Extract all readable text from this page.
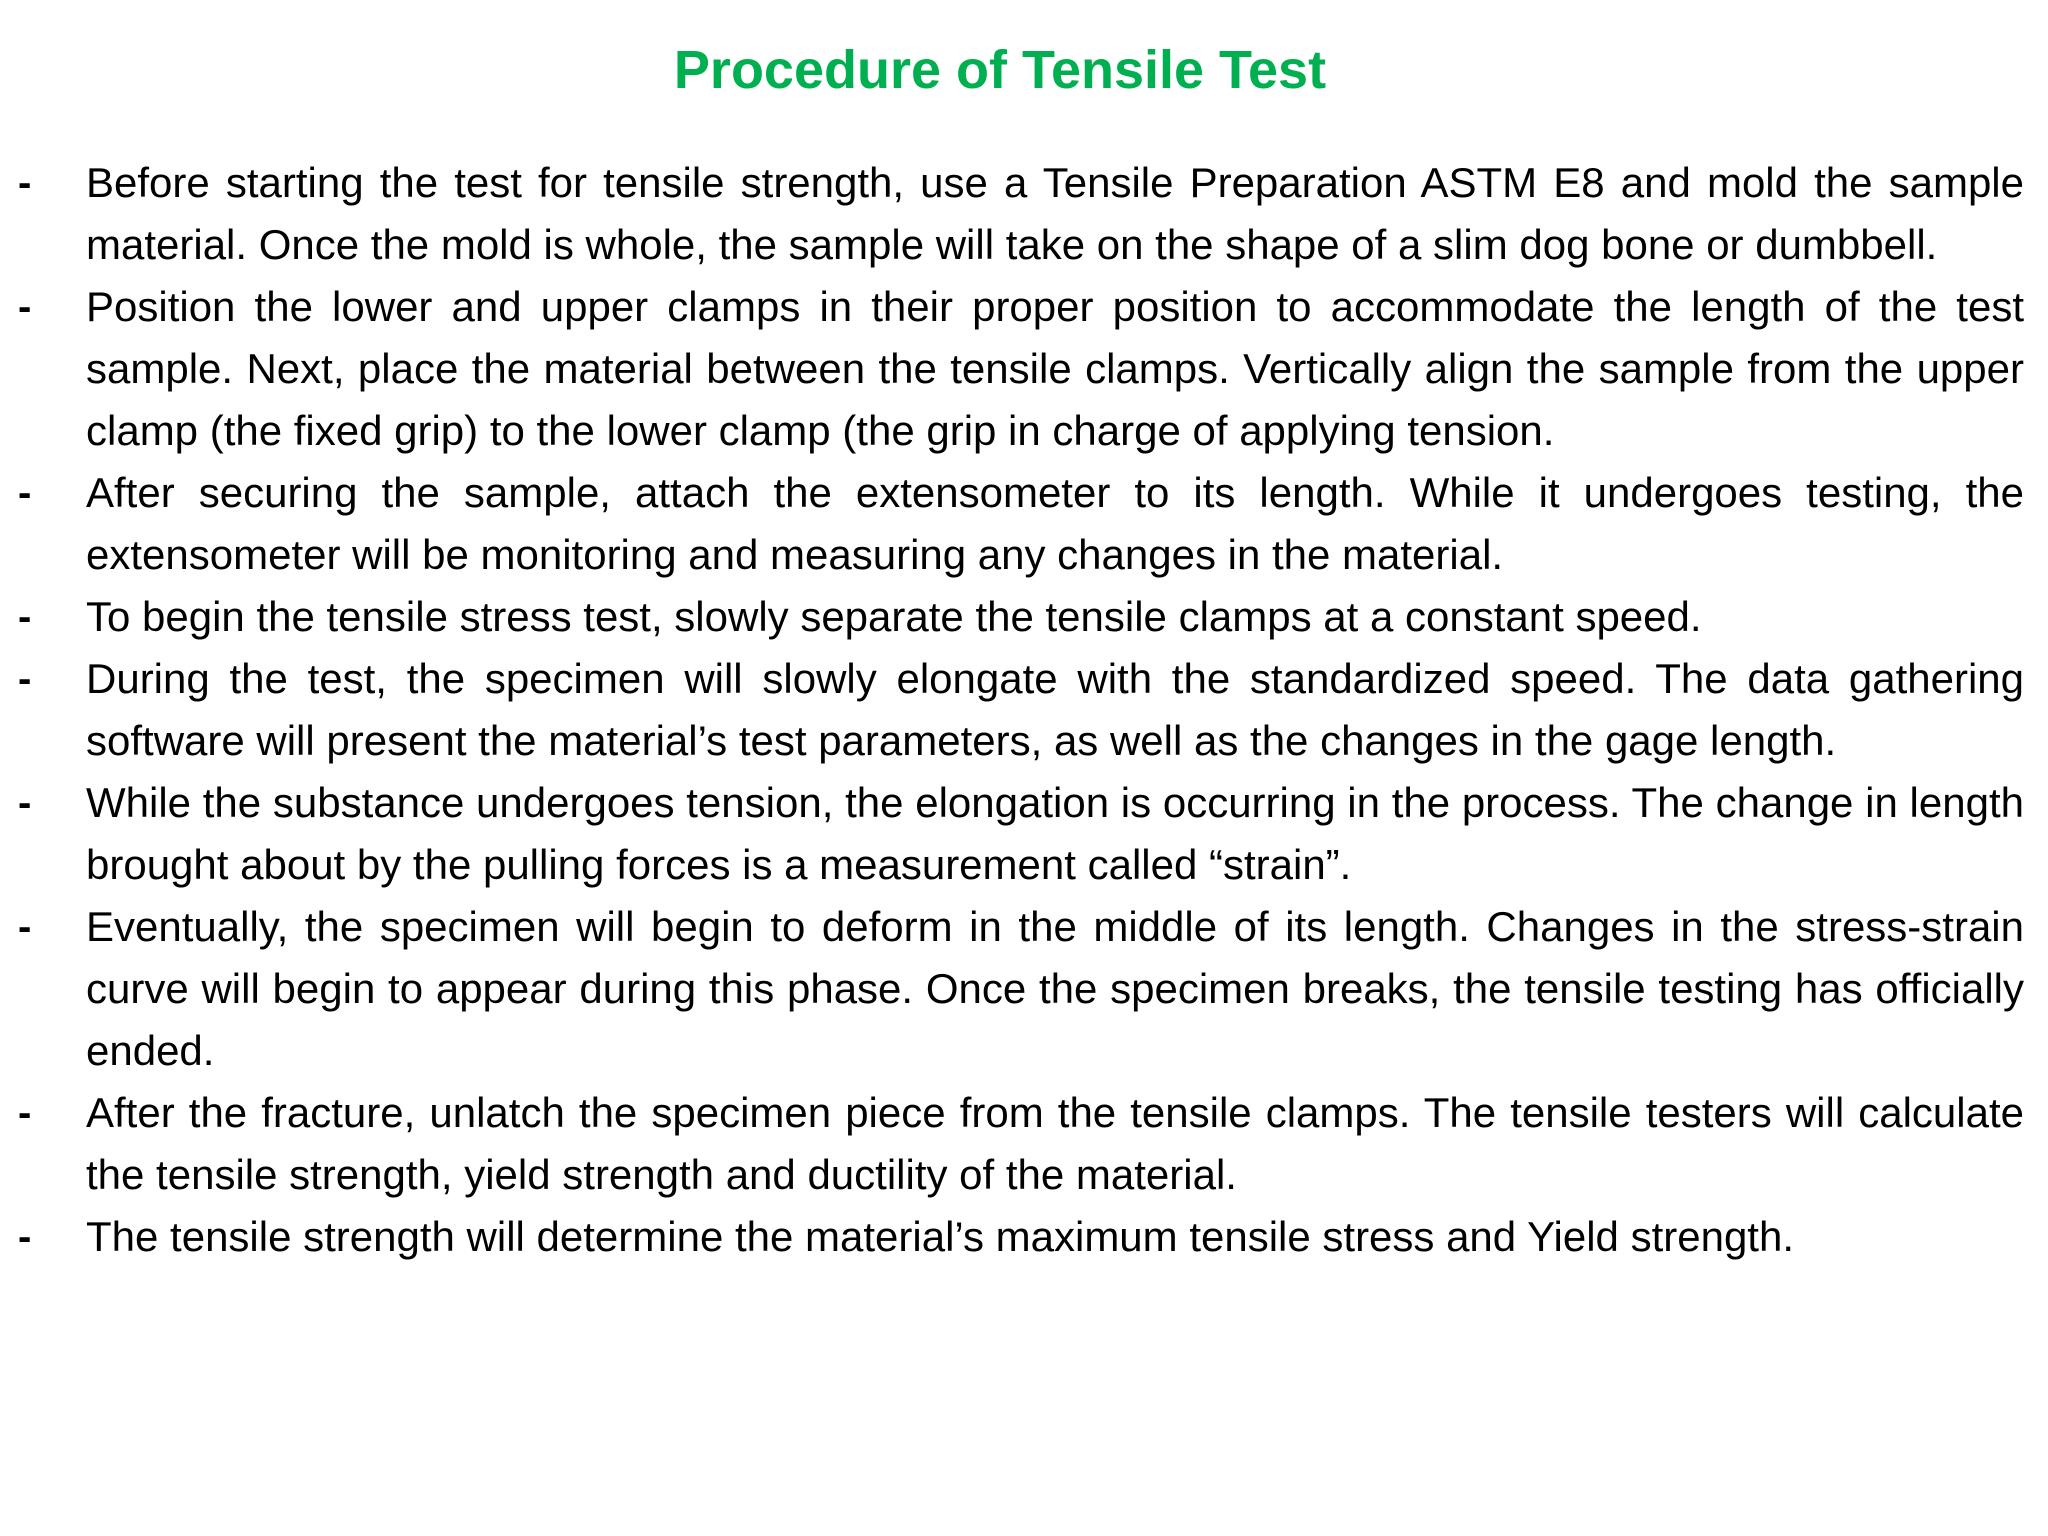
Procedure of Tensile Test
-	Before starting the test for tensile strength, use a Tensile Preparation ASTM E8 and mold the sample material. Once the mold is whole, the sample will take on the shape of a slim dog bone or dumbbell.
-	Position the lower and upper clamps in their proper position to accommodate the length of the test sample. Next, place the material between the tensile clamps. Vertically align the sample from the upper clamp (the fixed grip) to the lower clamp (the grip in charge of applying tension.
-	After securing the sample, attach the extensometer to its length. While it undergoes testing, the extensometer will be monitoring and measuring any changes in the material.
-	To begin the tensile stress test, slowly separate the tensile clamps at a constant speed.
-	During the test, the specimen will slowly elongate with the standardized speed. The data gathering software will present the material’s test parameters, as well as the changes in the gage length.
-	While the substance undergoes tension, the elongation is occurring in the process. The change in length brought about by the pulling forces is a measurement called “strain”.
-	Eventually, the specimen will begin to deform in the middle of its length. Changes in the stress-strain curve will begin to appear during this phase. Once the specimen breaks, the tensile testing has officially ended.
-	After the fracture, unlatch the specimen piece from the tensile clamps. The tensile testers will calculate the tensile strength, yield strength and ductility of the material.
-	The tensile strength will determine the material’s maximum tensile stress and Yield strength.
